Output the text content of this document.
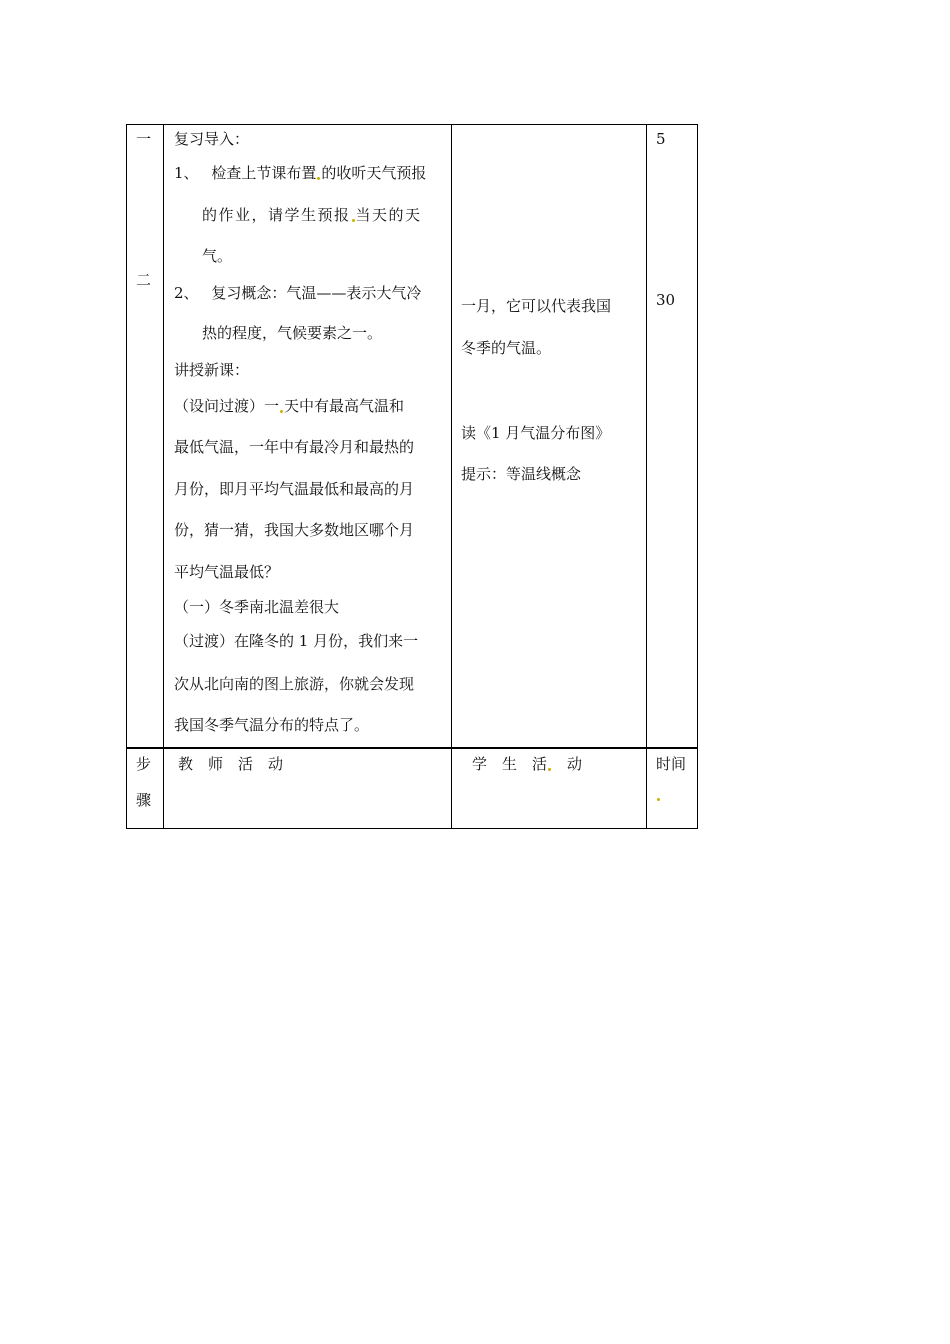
一
二
复习导入：
1、 检查上节课布置 的收听天气预报
的作业，请学生预报 当天的天
气。
2、 复习概念：气温——表示大气冷
热的程度，气候要素之一。
讲授新课：
（设问过渡）一 天中有最高气温和
最低气温，一年中有最冷月和最热的
月份，即月平均气温最低和最高的月
份，猜一猜，我国大多数地区哪个月
平均气温最低？
（一）冬季南北温差很大
（过渡）在隆冬的 1 月份，我们来一
次从北向南的图上旅游，你就会发现
我国冬季气温分布的特点了。
一月，它可以代表我国
冬季的气温。
读《1 月气温分布图》
提示：等温线概念
5
30
步
骤
教　师　活　动	学　生　活　动	时间
